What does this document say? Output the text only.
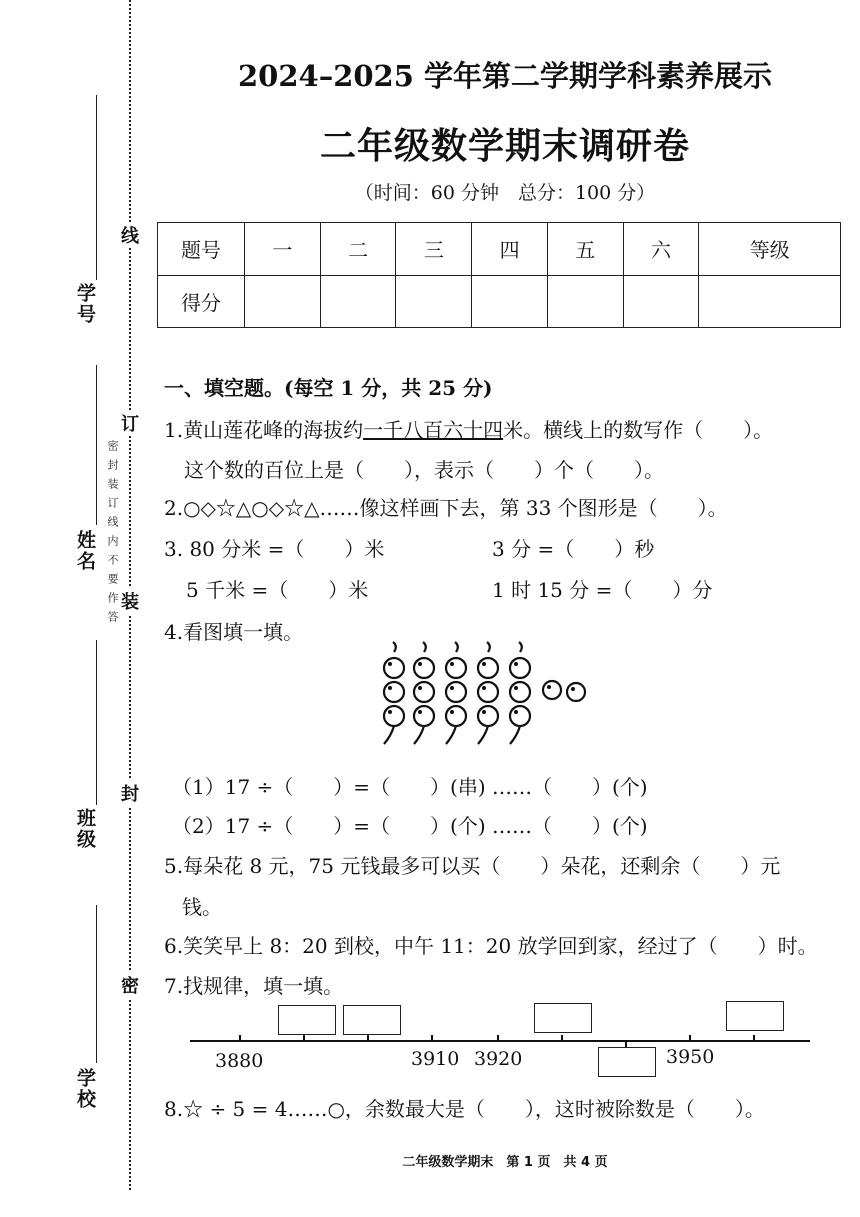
学号
姓名
班级
学校
密封装订线内不要作答
线
订
装
封
密
2024–2025 学年第二学期学科素养展示
二年级数学期末调研卷
（时间：60 分钟　总分：100 分）
题号	一	二	三	四	五	六	等级
得分							
一、填空题。(每空 1 分，共 25 分)
1.黄山莲花峰的海拔约一千八百六十四米。横线上的数写作（　　）。
这个数的百位上是（　　），表示（　　）个（　　）。
2.○◇☆△○◇☆△……像这样画下去，第 33 个图形是（　　）。
3. 80 分米 =（　　）米	3 分 =（　　）秒
5 千米 =（　　）米	1 时 15 分 =（　　）分
4.看图填一填。
（1）17 ÷（　　）=（　　）(串) ……（　　）(个)
（2）17 ÷（　　）=（　　）(个) ……（　　）(个)
5.每朵花 8 元，75 元钱最多可以买（　　）朵花，还剩余（　　）元
钱。
6.笑笑早上 8：20 到校，中午 11：20 放学回到家，经过了（　　）时。
7.找规律，填一填。
3880	3910 3920	3950
8.☆ ÷ 5 = 4……○，余数最大是（　　），这时被除数是（　　）。
二年级数学期末　第 1 页　共 4 页
